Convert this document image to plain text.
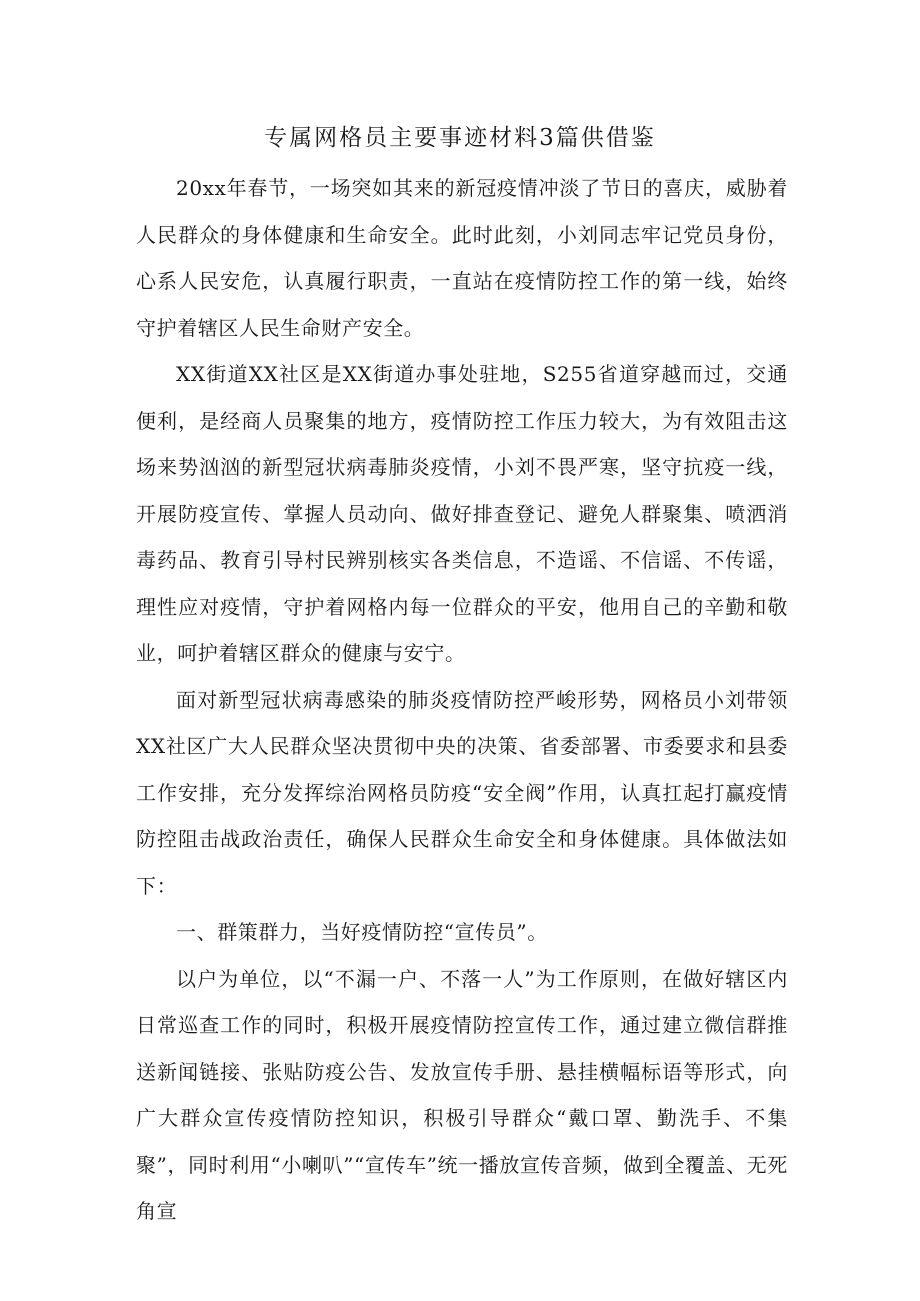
专属网格员主要事迹材料3篇供借鉴

20xx年春节，一场突如其来的新冠疫情冲淡了节日的喜庆，威胁着人民群众的身体健康和生命安全。此时此刻，小刘同志牢记党员身份，心系人民安危，认真履行职责，一直站在疫情防控工作的第一线，始终守护着辖区人民生命财产安全。

XX街道XX社区是XX街道办事处驻地，S255省道穿越而过，交通便利，是经商人员聚集的地方，疫情防控工作压力较大，为有效阻击这场来势汹汹的新型冠状病毒肺炎疫情，小刘不畏严寒，坚守抗疫一线，开展防疫宣传、掌握人员动向、做好排查登记、避免人群聚集、喷洒消毒药品、教育引导村民辨别核实各类信息，不造谣、不信谣、不传谣，理性应对疫情，守护着网格内每一位群众的平安，他用自己的辛勤和敬业，呵护着辖区群众的健康与安宁。

面对新型冠状病毒感染的肺炎疫情防控严峻形势，网格员小刘带领XX社区广大人民群众坚决贯彻中央的决策、省委部署、市委要求和县委工作安排，充分发挥综治网格员防疫“安全阀”作用，认真扛起打赢疫情防控阻击战政治责任，确保人民群众生命安全和身体健康。具体做法如下：

一、群策群力，当好疫情防控“宣传员”。

以户为单位，以“不漏一户、不落一人”为工作原则，在做好辖区内日常巡查工作的同时，积极开展疫情防控宣传工作，通过建立微信群推送新闻链接、张贴防疫公告、发放宣传手册、悬挂横幅标语等形式，向广大群众宣传疫情防控知识，积极引导群众“戴口罩、勤洗手、不集聚”，同时利用“小喇叭”“宣传车”统一播放宣传音频，做到全覆盖、无死角宣
